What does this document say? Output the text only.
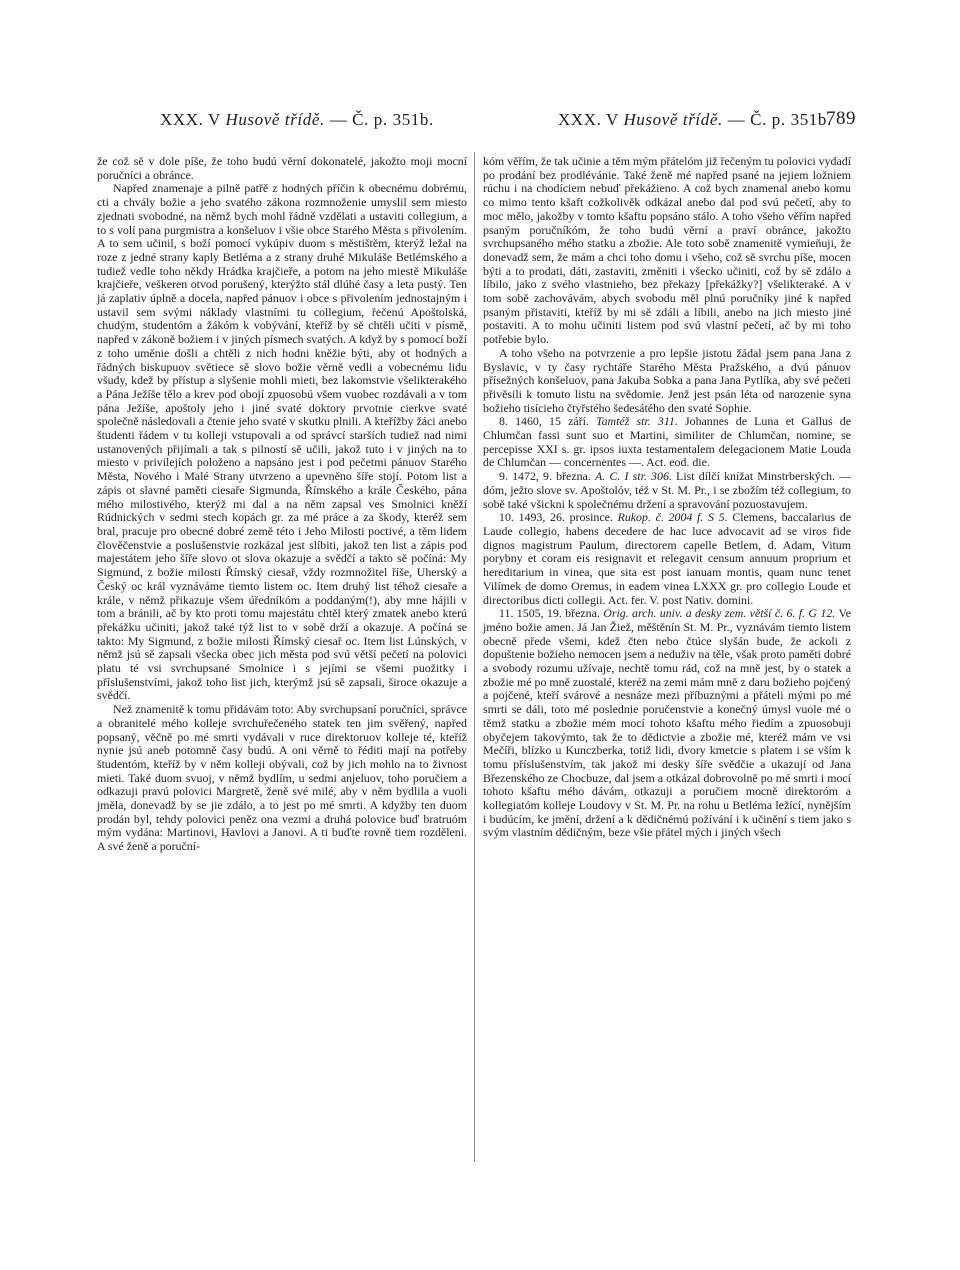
XXX. V Husově třídě. — Č. p. 351b.	XXX. V Husově třídě. — Č. p. 351b.
789

že což sě v dole píše, že toho budú věrní dokonatelé, jakožto moji mocní poručníci a obránce.

Napřed znamenaje a pilně patřě z hodných příčin k obecnému dobrému, cti a chvály božie a jeho svatého zákona rozmnoženie umyslil sem miesto zjednati svobodné, na němž bych mohl řádně vzdělati a ustaviti collegium, a to s volí pana purgmistra a konšeluov i všie obce Starého Města s přivolením. A to sem učinil, s boží pomocí vykúpiv duom s městištěm, kterýž ležal na roze z jedné strany kaply Betléma a z strany druhé Mikuláše Betlémského a tudiež vedle toho někdy Hrádka krajčieře, a potom na jeho miestě Mikuláše krajčieře, veškeren otvod porušený, kterýžto stál dlúhé časy a leta pustý. Ten já zaplativ úplně a docela, napřed pánuov i obce s přivolením jednostajným i ustavil sem svými náklady vlastními tu collegium, řečenú Apoštolská, chudým, studentóm a žákóm k vobývání, kteříž by sě chtěli učiti v písmě, napřed v zákoně božiem i v jiných písmech svatých. A když by s pomocí boží z toho uměnie došli a chtěli z nich hodni kněžie býti, aby ot hodných a řádných biskupuov světiece sě slovo božie věrně vedli a vobecnému lidu všudy, kdež by přístup a slyšenie mohli mieti, bez lakomstvie všelikterakého a Pána Ježíše tělo a krev pod obojí zpuosobú všem vuobec rozdávali a v tom pána Ježíše, apoštoly jeho i jiné svaté doktory prvotnie cierkve svaté společně následovali a čtenie jeho svaté v skutku plnili. A kteřížby žáci anebo študenti řádem v tu kolleji vstupovali a od správcí starších tudiež nad nimi ustanovených přijímali a tak s pilností sě učili, jakož tuto i v jiných na to miesto v privilejích položeno a napsáno jest i pod pečetmi pánuov Starého Města, Nového i Malé Strany utvrzeno a upevněno šíře stojí. Potom list a zápis ot slavné paměti ciesaře Sigmunda, Římského a krále Českého, pána mého milostivého, kterýž mi dal a na něm zapsal ves Smolnici kněží Rúdnických v sedmi stech kopách gr. za mé práce a za škody, kteréž sem bral, pracuje pro obecné dobré země této i Jeho Milosti poctivé, a těm lidem člověčenstvie a poslušenstvie rozkázal jest slíbiti, jakož ten list a zápis pod majestátem jeho šíře slovo ot slova okazuje a svědčí a takto sě počíná: My Sigmund, z božie milosti Římský ciesař, vždy rozmnožitel říše, Uherský a Český oc král vyznáváme tiemto listem oc. Item druhý list téhož ciesaře a krále, v němž přikazuje všem úředníkóm a poddaným(!), aby mne hájili v tom a bránili, ač by kto proti tomu majestátu chtěl který zmatek anebo kterú překážku učiniti, jakož také týž list to v sobě drží a okazuje. A počíná se takto: My Sigmund, z božie milosti Římský ciesař oc. Item list Lúnských, v němž jsú sě zapsali všecka obec jich města pod svú větší pečetí na polovici platu té vsi svrchupsané Smolnice i s jejími se všemi puožitky i příslušenstvími, jakož toho list jich, kterýmž jsú sě zapsali, široce okazuje a svědčí.

Než znamenitě k tomu přidávám toto: Aby svrchupsaní poručníci, správce a obranitelé mého kolleje svrchuřečeného statek ten jim svěřený, napřed popsaný, věčně po mé smrti vydávali v ruce direktoruov kolleje té, kteříž nynie jsú aneb potomně časy budú. A oni věrně to řéditi mají na potřeby študentóm, kteříž by v něm kolleji obývali, což by jich mohlo na to živnost mieti. Také duom svuoj, v němž bydlím, u sedmi anjeluov, toho poručiem a odkazuji pravú polovici Margretě, ženě své milé, aby v něm bydlila a vuoli jměla, donevadž by se jie zdálo, a to jest po mé smrti. A kdyžby ten duom prodán byl, tehdy polovici peněz ona vezmi a druhá polovice buď bratruóm mým vydána: Martinovi, Havlovi a Janovi. A ti buďte rovně tiem rozděleni. A své ženě a poruční-

kóm věřím, že tak učinie a těm mým přátelóm již řečeným tu polovici vydadí po prodání bez prodlévánie. Také ženě mé napřed psané na jejiem ložniem rúchu i na chodíciem nebuď překážieno. A což bych znamenal anebo komu co mimo tento kšaft cožkolivěk odkázal anebo dal pod svú pečetí, aby to moc mělo, jakožby v tomto kšaftu popsáno stálo. A toho všeho věřím napřed psaným poručníkóm, že toho budú věrní a praví obránce, jakožto svrchupsaného mého statku a zbožie. Ale toto sobě znamenitě vymieňuji, že donevadž sem, že mám a chci toho domu i všeho, což sě svrchu píše, mocen býti a to prodati, dáti, zastaviti, změniti i všecko učiniti, což by sě zdálo a líbilo, jako z svého vlastnieho, bez překazy [překážky?] všelikteraké. A v tom sobě zachovávám, abych svobodu měl plnú poručníky jiné k napřed psaným přistaviti, kteříž by mi sě zdáli a líbili, anebo na jich miesto jiné postaviti. A to mohu učiniti listem pod svú vlastní pečetí, ač by mi toho potřebie bylo.

A toho všeho na potvrzenie a pro lepšie jistotu žádal jsem pana Jana z Byslavic, v ty časy rychtáře Starého Města Pražského, a dvú pánuov přísežných konšeluov, pana Jakuba Sobka a pana Jana Pytlíka, aby své pečeti přivěsili k tomuto listu na svědomie. Jenž jest psán léta od narozenie syna božieho tisícieho čtyřstého šedesátého den svaté Sophie.

8. 1460, 15 září. Tamtéž str. 311. Johannes de Luna et Gallus de Chlumčan fassi sunt suo et Martini, similiter de Chlumčan, nomine, se percepisse XXI s. gr. ipsos iuxta testamentalem delegacionem Matie Louda de Chlumčan — concernentes —. Act. eod. die.

9. 1472, 9. března. A. C. I str. 306. List dílčí knížat Minstrberských. — dóm, ježto slove sv. Apoštolóv, též v St. M. Pr., i se zbožím též collegium, to sobě také všickni k společnému držení a spravování pozuostavujem.

10. 1493, 26. prosince. Rukop. č. 2004 f. S 5. Clemens, baccalarius de Laude collegio, habens decedere de hac luce advocavit ad se viros fide dignos magistrum Paulum, directorem capelle Betlem, d. Adam, Vitum porybny et coram eis resignavit et relegavit censum annuum proprium et hereditarium in vinea, que sita est post ianuam montis, quam nunc tenet Vilímek de domo Oremus, in eadem vinea LXXX gr. pro collegio Loude et directoribus dicti collegii. Act. fer. V. post Nativ. domini.

11. 1505, 19. března. Orig. arch. univ. a desky zem. větší č. 6. f. G 12. Ve jméno božie amen. Já Jan Žiež, měštěnín St. M. Pr., vyznávám tiemto listem obecně přede všemi, kdež čten nebo čtúce slyšán bude, že ackoli z dopuštenie božieho nemocen jsem a neduživ na těle, však proto paměti dobré a svobody rozumu užívaje, nechtě tomu rád, což na mně jest, by o statek a zbožie mé po mně zuostalé, kteréž na zemi mám mně z daru božieho pojčený a pojčené, kteří svárové a nesnáze mezi příbuznými a přáteli mými po mé smrti se dáli, toto mé poslednie poručenstvie a konečný úmysl vuole mé o těmž statku a zbožie mém mocí tohoto kšaftu mého řiedím a zpuosobuji obyčejem takovýmto, tak že to dědictvie a zbožie mé, kteréž mám ve vsi Mečíři, blízko u Kunczberka, totiž lidi, dvory kmetcie s platem i se vším k tomu příslušenstvím, tak jakož mi desky šíře svědčie a ukazují od Jana Březenského ze Chocbuze, dal jsem a otkázal dobrovolně po mé smrti i mocí tohoto kšaftu mého dávám, otkazuji a poručiem mocně direktoróm a kollegiatóm kolleje Loudovy v St. M. Pr. na rohu u Betléma ležící, nynějším i budúcím, ke jmění, držení a k dědičnémú požívání i k učinění s tiem jako s svým vlastním dědičným, beze všie přátel mých i jiných všech
